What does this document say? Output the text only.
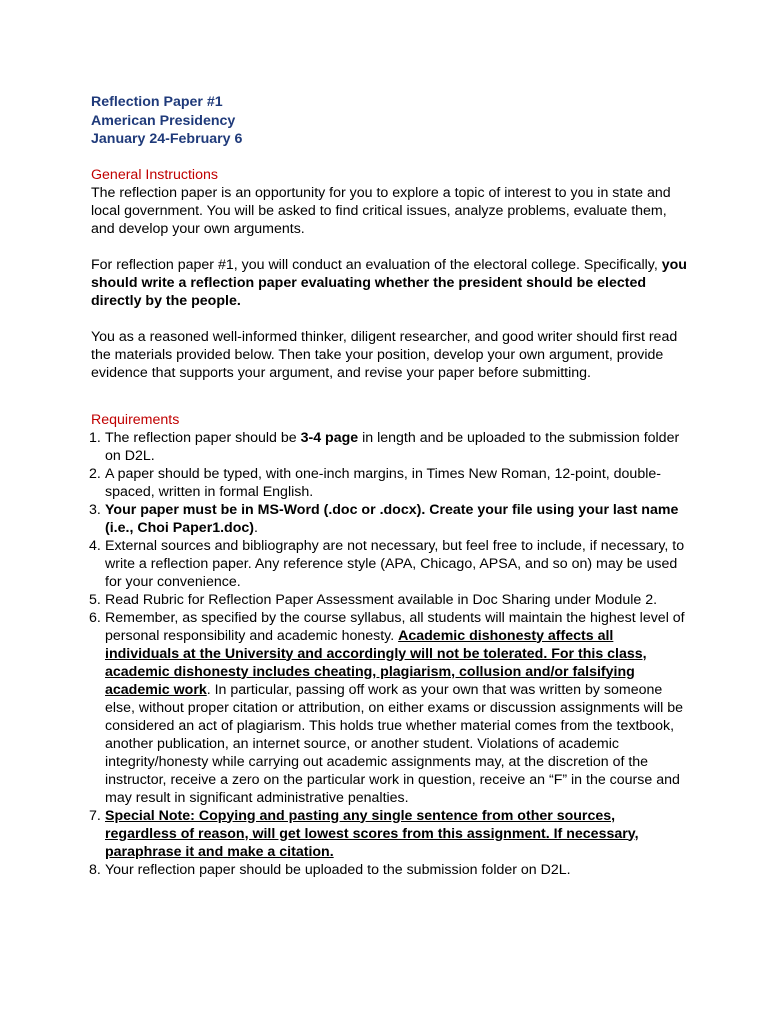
Reflection Paper #1
American Presidency
January 24-February 6
General Instructions

The reflection paper is an opportunity for you to explore a topic of interest to you in state and local government. You will be asked to find critical issues, analyze problems, evaluate them, and develop your own arguments.

For reflection paper #1, you will conduct an evaluation of the electoral college. Specifically, you should write a reflection paper evaluating whether the president should be elected directly by the people.

You as a reasoned well-informed thinker, diligent researcher, and good writer should first read the materials provided below. Then take your position, develop your own argument, provide evidence that supports your argument, and revise your paper before submitting.

Requirements
1. The reflection paper should be 3-4 page in length and be uploaded to the submission folder on D2L.
2. A paper should be typed, with one-inch margins, in Times New Roman, 12-point, double-spaced, written in formal English.
3. Your paper must be in MS-Word (.doc or .docx). Create your file using your last name (i.e., Choi Paper1.doc).
4. External sources and bibliography are not necessary, but feel free to include, if necessary, to write a reflection paper. Any reference style (APA, Chicago, APSA, and so on) may be used for your convenience.
5. Read Rubric for Reflection Paper Assessment available in Doc Sharing under Module 2.
6. Remember, as specified by the course syllabus, all students will maintain the highest level of personal responsibility and academic honesty. Academic dishonesty affects all individuals at the University and accordingly will not be tolerated. For this class, academic dishonesty includes cheating, plagiarism, collusion and/or falsifying academic work. In particular, passing off work as your own that was written by someone else, without proper citation or attribution, on either exams or discussion assignments will be considered an act of plagiarism. This holds true whether material comes from the textbook, another publication, an internet source, or another student. Violations of academic integrity/honesty while carrying out academic assignments may, at the discretion of the instructor, receive a zero on the particular work in question, receive an “F” in the course and may result in significant administrative penalties.
7. Special Note: Copying and pasting any single sentence from other sources, regardless of reason, will get lowest scores from this assignment. If necessary, paraphrase it and make a citation.
8. Your reflection paper should be uploaded to the submission folder on D2L.
